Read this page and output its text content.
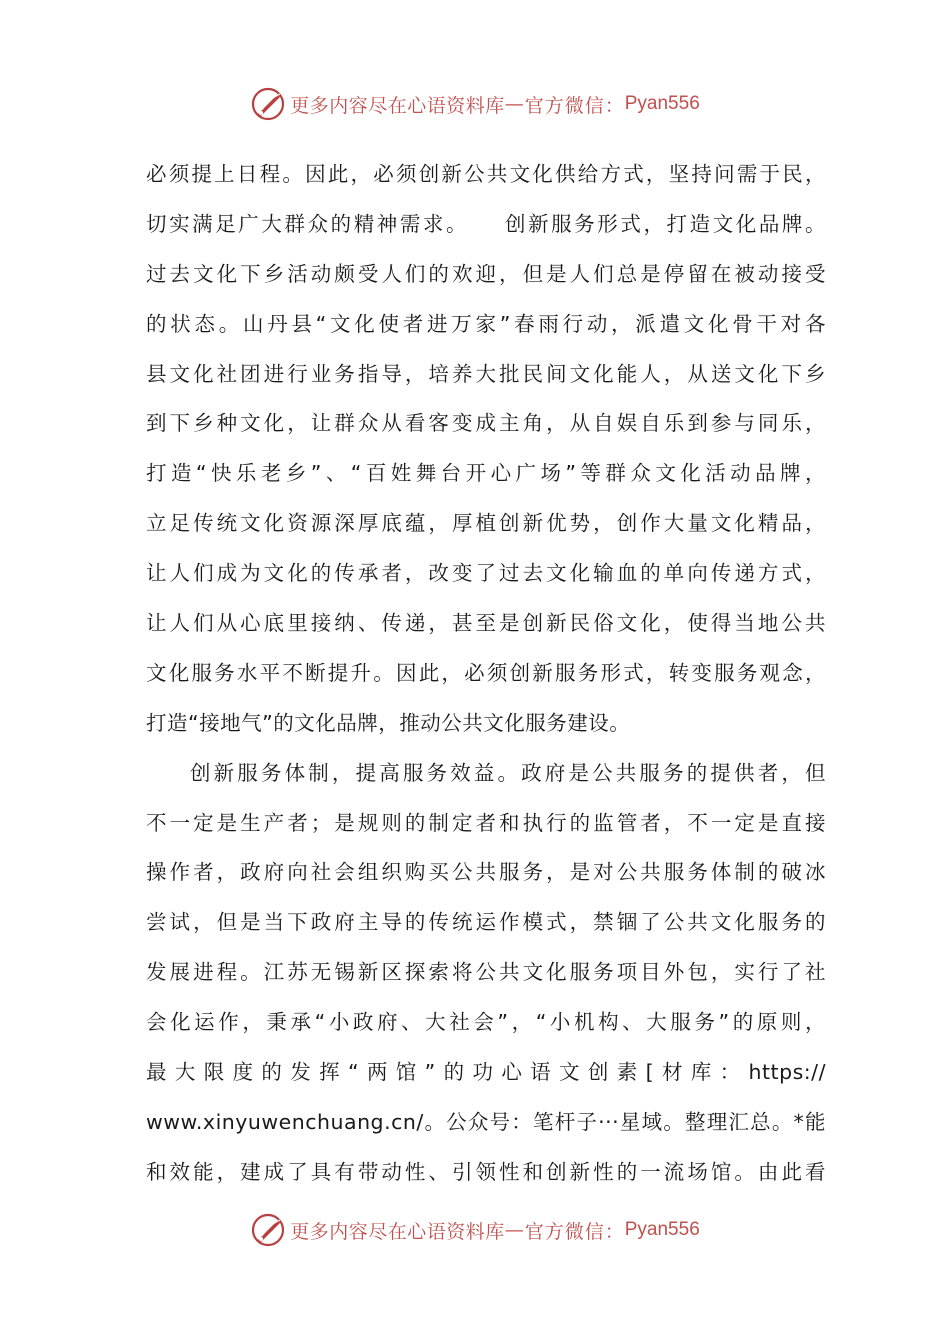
更多内容尽在心语资料库 — 官方微信： Pyan556
必须提上日程。因此，必须创新公共文化供给方式，坚持问需于民，
切实满足广大群众的精神需求。　　创新服务形式，打造文化品牌。
过去文化下乡活动颇受人们的欢迎，但是人们总是停留在被动接受
的状态。山丹县“文化使者进万家”春雨行动，派遣文化骨干对各
县文化社团进行业务指导，培养大批民间文化能人，从送文化下乡
到下乡种文化，让群众从看客变成主角，从自娱自乐到参与同乐，
打造“快乐老乡”、“百姓舞台开心广场”等群众文化活动品牌，
立足传统文化资源深厚底蕴，厚植创新优势，创作大量文化精品，
让人们成为文化的传承者，改变了过去文化输血的单向传递方式，
让人们从心底里接纳、传递，甚至是创新民俗文化，使得当地公共
文化服务水平不断提升。因此，必须创新服务形式，转变服务观念，
打造“接地气”的文化品牌，推动公共文化服务建设。
创新服务体制，提高服务效益。政府是公共服务的提供者，但
不一定是生产者；是规则的制定者和执行的监管者，不一定是直接
操作者，政府向社会组织购买公共服务，是对公共服务体制的破冰
尝试，但是当下政府主导的传统运作模式，禁锢了公共文化服务的
发展进程。江苏无锡新区探索将公共文化服务项目外包，实行了社
会化运作，秉承“小政府、大社会”，“小机构、大服务”的原则，
最大限度的发挥“两馆”的功心语文创素[材库：https://
www.xinyuwenchuang.cn/。公众号：笔杆子···星域。整理汇总。*能
和效能，建成了具有带动性、引领性和创新性的一流场馆。由此看
更多内容尽在心语资料库 — 官方微信： Pyan556
